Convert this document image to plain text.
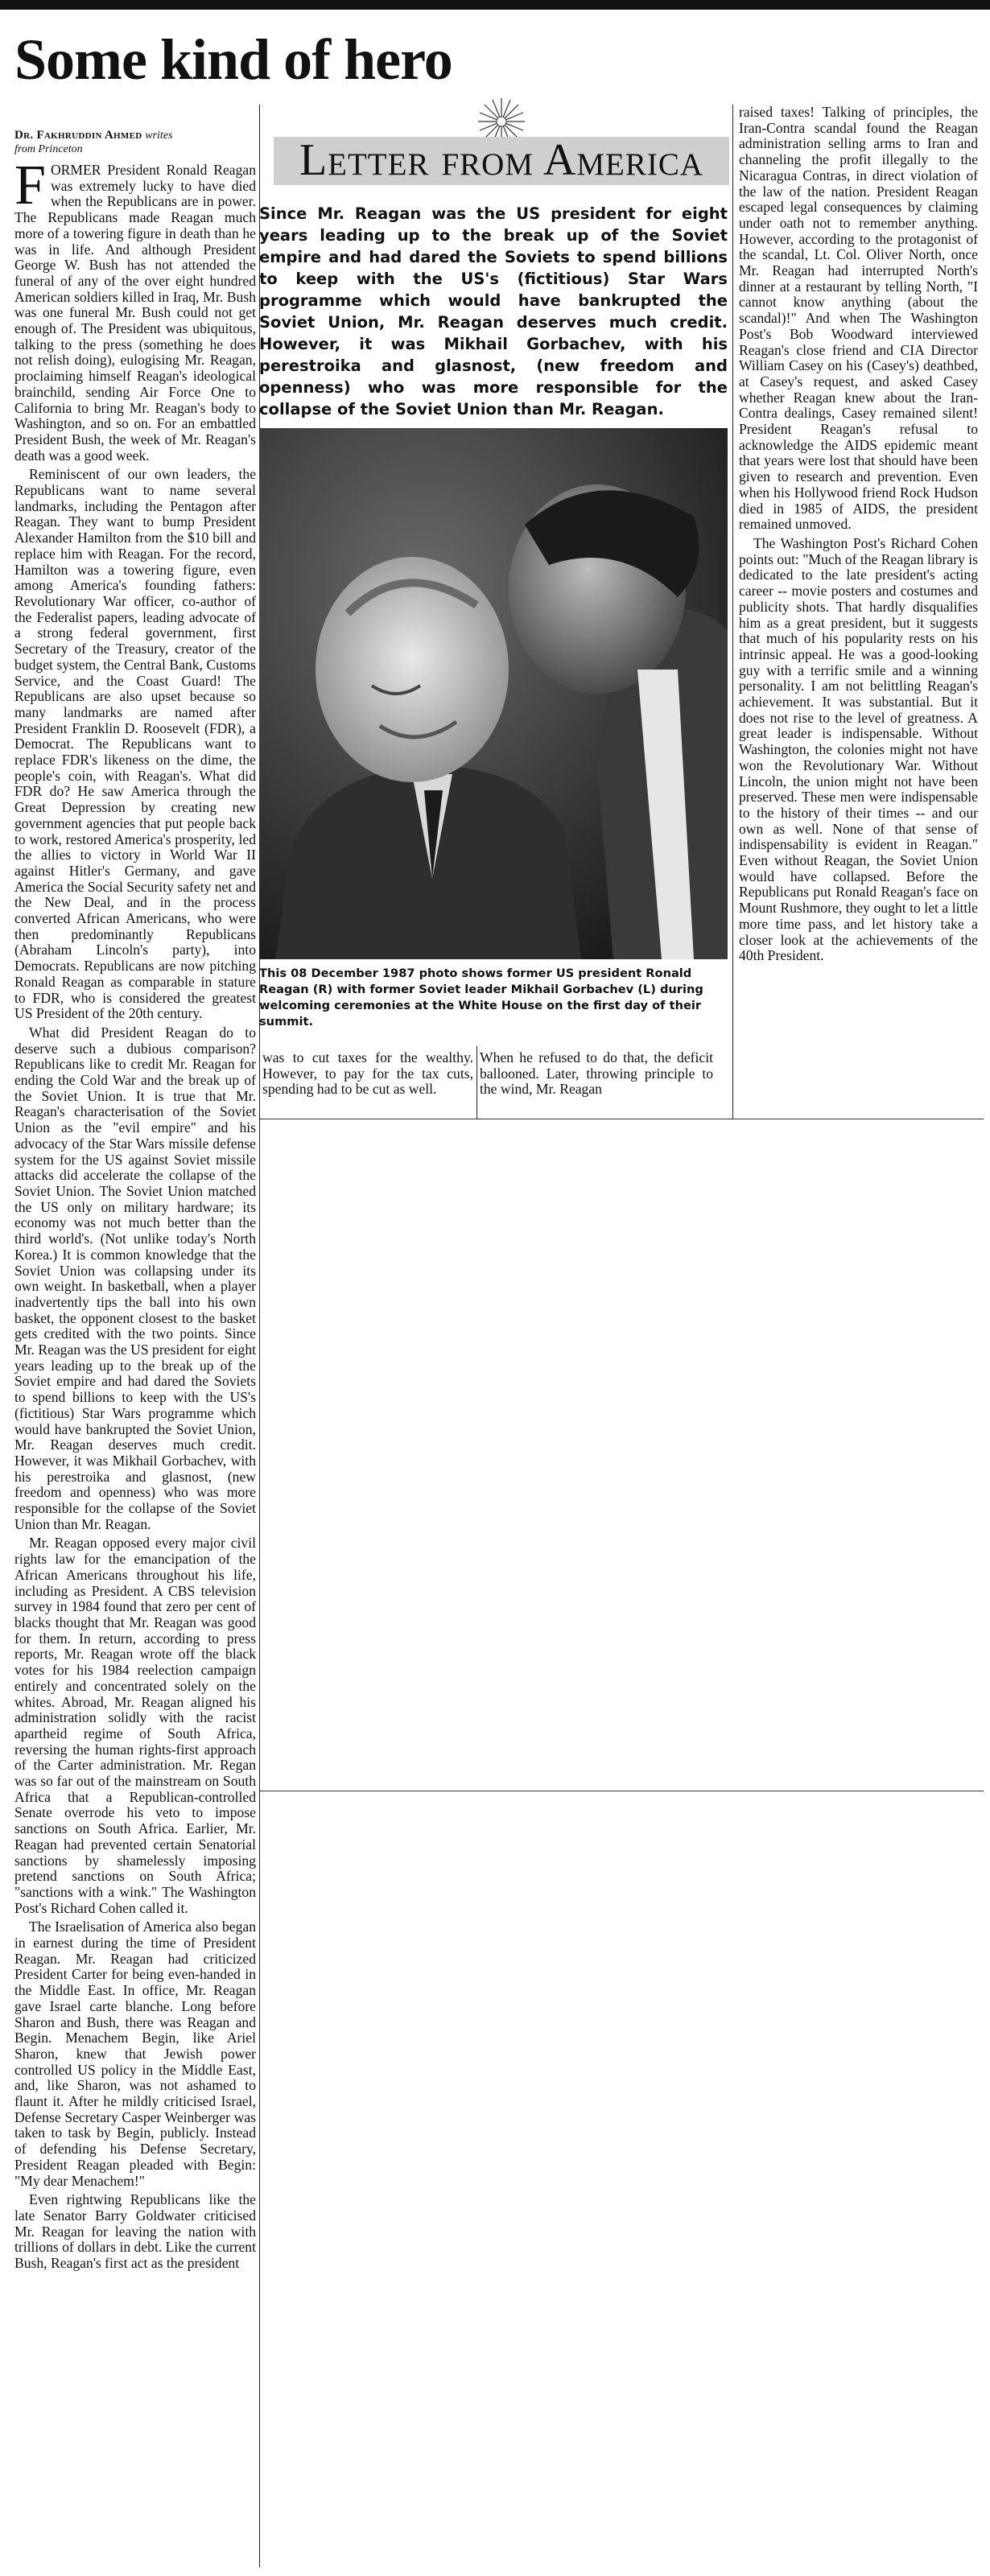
Some kind of hero
Dr. Fakhruddin Ahmed writes
from Princeton

FORMER President Ronald Reagan was extremely lucky to have died when the Republicans are in power. The Republicans made Reagan much more of a towering figure in death than he was in life. And although President George W. Bush has not attended the funeral of any of the over eight hundred American soldiers killed in Iraq, Mr. Bush was one funeral Mr. Bush could not get enough of. The President was ubiquitous, talking to the press (something he does not relish doing), eulogising Mr. Reagan, proclaiming himself Reagan's ideological brainchild, sending Air Force One to California to bring Mr. Reagan's body to Washington, and so on. For an embattled President Bush, the week of Mr. Reagan's death was a good week.

Reminiscent of our own leaders, the Republicans want to name several landmarks, including the Pentagon after Reagan. They want to bump President Alexander Hamilton from the $10 bill and replace him with Reagan. For the record, Hamilton was a towering figure, even among America's founding fathers: Revolutionary War officer, co-author of the Federalist papers, leading advocate of a strong federal government, first Secretary of the Treasury, creator of the budget system, the Central Bank, Customs Service, and the Coast Guard! The Republicans are also upset because so many landmarks are named after President Franklin D. Roosevelt (FDR), a Democrat. The Republicans want to replace FDR's likeness on the dime, the people's coin, with Reagan's. What did FDR do? He saw America through the Great Depression by creating new government agencies that put people back to work, restored America's prosperity, led the allies to victory in World War II against Hitler's Germany, and gave America the Social Security safety net and the New Deal, and in the process converted African Americans, who were then predominantly Republicans (Abraham Lincoln's party), into Democrats. Republicans are now pitching Ronald Reagan as comparable in stature to FDR, who is considered the greatest US President of the 20th century.

What did President Reagan do to deserve such a dubious comparison? Republicans like to credit Mr. Reagan for ending the Cold War and the break up of the Soviet Union. It is true that Mr. Reagan's characterisation of the Soviet Union as the "evil empire" and his advocacy of the Star Wars missile defense system for the US against Soviet missile attacks did accelerate the collapse of the Soviet Union. The Soviet Union matched the US only on military hardware; its economy was not much better than the third world's. (Not unlike today's North Korea.) It is common knowledge that the Soviet Union was collapsing under its own weight. In basketball, when a player inadvertently tips the ball into his own basket, the opponent closest to the basket gets credited with the two points. Since Mr. Reagan was the US president for eight years leading up to the break up of the Soviet empire and had dared the Soviets to spend billions to keep with the US's (fictitious) Star Wars programme which would have bankrupted the Soviet Union, Mr. Reagan deserves much credit. However, it was Mikhail Gorbachev, with his perestroika and glasnost, (new freedom and openness) who was more responsible for the collapse of the Soviet Union than Mr. Reagan.

Mr. Reagan opposed every major civil rights law for the emancipation of the African Americans throughout his life, including as President. A CBS television survey in 1984 found that zero per cent of blacks thought that Mr. Reagan was good for them. In return, according to press reports, Mr. Reagan wrote off the black votes for his 1984 reelection campaign entirely and concentrated solely on the whites. Abroad, Mr. Reagan aligned his administration solidly with the racist apartheid regime of South Africa, reversing the human rights-first approach of the Carter administration. Mr. Regan was so far out of the mainstream on South Africa that a Republican-controlled Senate overrode his veto to impose sanctions on South Africa. Earlier, Mr. Reagan had prevented certain Senatorial sanctions by shamelessly imposing pretend sanctions on South Africa; "sanctions with a wink." The Washington Post's Richard Cohen called it.

The Israelisation of America also began in earnest during the time of President Reagan. Mr. Reagan had criticized President Carter for being even-handed in the Middle East. In office, Mr. Reagan gave Israel carte blanche. Long before Sharon and Bush, there was Reagan and Begin. Menachem Begin, like Ariel Sharon, knew that Jewish power controlled US policy in the Middle East, and, like Sharon, was not ashamed to flaunt it. After he mildly criticised Israel, Defense Secretary Casper Weinberger was taken to task by Begin, publicly. Instead of defending his Defense Secretary, President Reagan pleaded with Begin: "My dear Menachem!"

Even rightwing Republicans like the late Senator Barry Goldwater criticised Mr. Reagan for leaving the nation with trillions of dollars in debt. Like the current Bush, Reagan's first act as the president

Letter from America
Since Mr. Reagan was the US president for eight years leading up to the break up of the Soviet empire and had dared the Soviets to spend billions to keep with the US's (fictitious) Star Wars programme which would have bankrupted the Soviet Union, Mr. Reagan deserves much credit. However, it was Mikhail Gorbachev, with his perestroika and glasnost, (new freedom and openness) who was more responsible for the collapse of the Soviet Union than Mr. Reagan.
This 08 December 1987 photo shows former US president Ronald Reagan (R) with former Soviet leader Mikhail Gorbachev (L) during welcoming ceremonies at the White House on the first day of their summit.

was to cut taxes for the wealthy. However, to pay for the tax cuts, spending had to be cut as well.

When he refused to do that, the deficit ballooned. Later, throwing principle to the wind, Mr. Reagan

raised taxes! Talking of principles, the Iran-Contra scandal found the Reagan administration selling arms to Iran and channeling the profit illegally to the Nicaragua Contras, in direct violation of the law of the nation. President Reagan escaped legal consequences by claiming under oath not to remember anything. However, according to the protagonist of the scandal, Lt. Col. Oliver North, once Mr. Reagan had interrupted North's dinner at a restaurant by telling North, "I cannot know anything (about the scandal)!" And when The Washington Post's Bob Woodward interviewed Reagan's close friend and CIA Director William Casey on his (Casey's) deathbed, at Casey's request, and asked Casey whether Reagan knew about the Iran-Contra dealings, Casey remained silent! President Reagan's refusal to acknowledge the AIDS epidemic meant that years were lost that should have been given to research and prevention. Even when his Hollywood friend Rock Hudson died in 1985 of AIDS, the president remained unmoved.

The Washington Post's Richard Cohen points out: "Much of the Reagan library is dedicated to the late president's acting career -- movie posters and costumes and publicity shots. That hardly disqualifies him as a great president, but it suggests that much of his popularity rests on his intrinsic appeal. He was a good-looking guy with a terrific smile and a winning personality. I am not belittling Reagan's achievement. It was substantial. But it does not rise to the level of greatness. A great leader is indispensable. Without Washington, the colonies might not have won the Revolutionary War. Without Lincoln, the union might not have been preserved. These men were indispensable to the history of their times -- and our own as well. None of that sense of indispensability is evident in Reagan." Even without Reagan, the Soviet Union would have collapsed. Before the Republicans put Ronald Reagan's face on Mount Rushmore, they ought to let a little more time pass, and let history take a closer look at the achievements of the 40th President.
